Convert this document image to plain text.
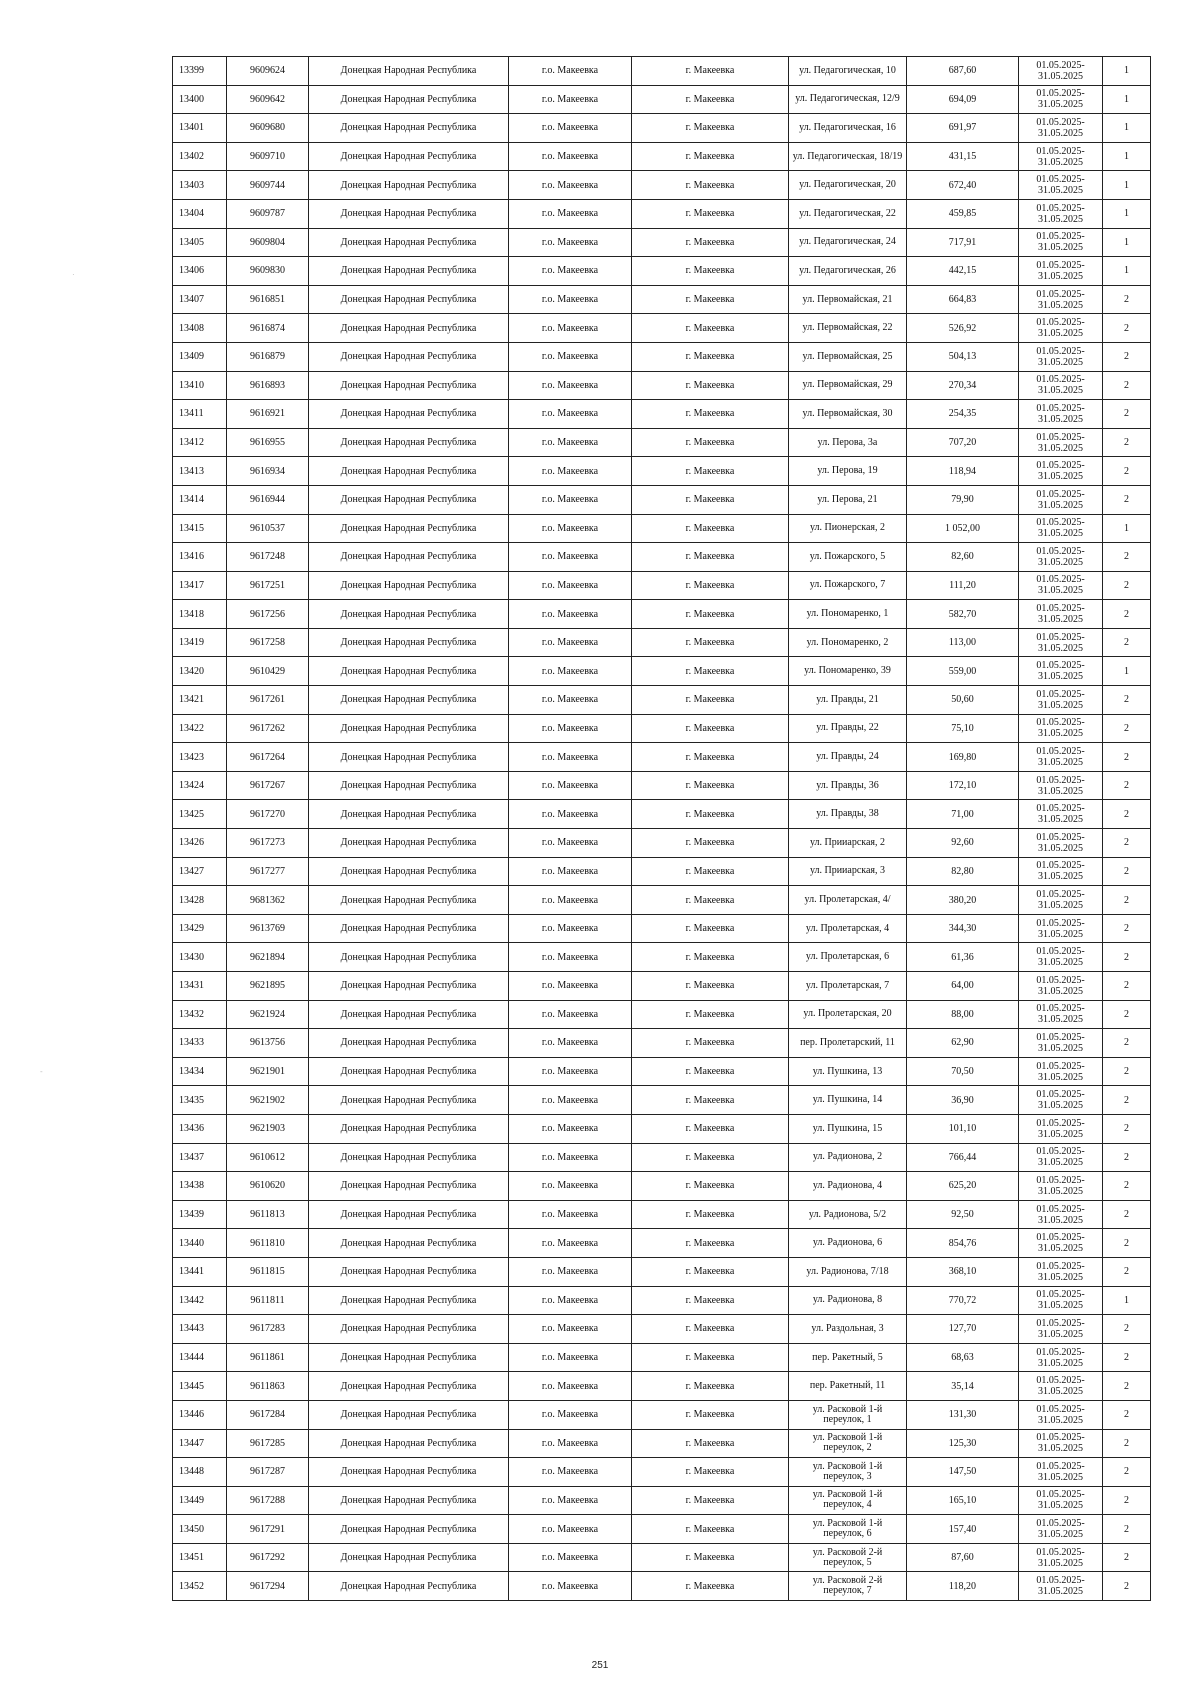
13399	9609624	Донецкая Народная Республика	г.о. Макеевка	г. Макеевка	ул. Педагогическая, 10	687,60	01.05.2025-31.05.2025	1
13400	9609642	Донецкая Народная Республика	г.о. Макеевка	г. Макеевка	ул. Педагогическая, 12/9	694,09	01.05.2025-31.05.2025	1
13401	9609680	Донецкая Народная Республика	г.о. Макеевка	г. Макеевка	ул. Педагогическая, 16	691,97	01.05.2025-31.05.2025	1
13402	9609710	Донецкая Народная Республика	г.о. Макеевка	г. Макеевка	ул. Педагогическая, 18/19	431,15	01.05.2025-31.05.2025	1
13403	9609744	Донецкая Народная Республика	г.о. Макеевка	г. Макеевка	ул. Педагогическая, 20	672,40	01.05.2025-31.05.2025	1
13404	9609787	Донецкая Народная Республика	г.о. Макеевка	г. Макеевка	ул. Педагогическая, 22	459,85	01.05.2025-31.05.2025	1
13405	9609804	Донецкая Народная Республика	г.о. Макеевка	г. Макеевка	ул. Педагогическая, 24	717,91	01.05.2025-31.05.2025	1
13406	9609830	Донецкая Народная Республика	г.о. Макеевка	г. Макеевка	ул. Педагогическая, 26	442,15	01.05.2025-31.05.2025	1
13407	9616851	Донецкая Народная Республика	г.о. Макеевка	г. Макеевка	ул. Первомайская, 21	664,83	01.05.2025-31.05.2025	2
13408	9616874	Донецкая Народная Республика	г.о. Макеевка	г. Макеевка	ул. Первомайская, 22	526,92	01.05.2025-31.05.2025	2
13409	9616879	Донецкая Народная Республика	г.о. Макеевка	г. Макеевка	ул. Первомайская, 25	504,13	01.05.2025-31.05.2025	2
13410	9616893	Донецкая Народная Республика	г.о. Макеевка	г. Макеевка	ул. Первомайская, 29	270,34	01.05.2025-31.05.2025	2
13411	9616921	Донецкая Народная Республика	г.о. Макеевка	г. Макеевка	ул. Первомайская, 30	254,35	01.05.2025-31.05.2025	2
13412	9616955	Донецкая Народная Республика	г.о. Макеевка	г. Макеевка	ул. Перова, 3а	707,20	01.05.2025-31.05.2025	2
13413	9616934	Донецкая Народная Республика	г.о. Макеевка	г. Макеевка	ул. Перова, 19	118,94	01.05.2025-31.05.2025	2
13414	9616944	Донецкая Народная Республика	г.о. Макеевка	г. Макеевка	ул. Перова, 21	79,90	01.05.2025-31.05.2025	2
13415	9610537	Донецкая Народная Республика	г.о. Макеевка	г. Макеевка	ул. Пионерская, 2	1 052,00	01.05.2025-31.05.2025	1
13416	9617248	Донецкая Народная Республика	г.о. Макеевка	г. Макеевка	ул. Пожарского, 5	82,60	01.05.2025-31.05.2025	2
13417	9617251	Донецкая Народная Республика	г.о. Макеевка	г. Макеевка	ул. Пожарского, 7	111,20	01.05.2025-31.05.2025	2
13418	9617256	Донецкая Народная Республика	г.о. Макеевка	г. Макеевка	ул. Пономаренко, 1	582,70	01.05.2025-31.05.2025	2
13419	9617258	Донецкая Народная Республика	г.о. Макеевка	г. Макеевка	ул. Пономаренко, 2	113,00	01.05.2025-31.05.2025	2
13420	9610429	Донецкая Народная Республика	г.о. Макеевка	г. Макеевка	ул. Пономаренко, 39	559,00	01.05.2025-31.05.2025	1
13421	9617261	Донецкая Народная Республика	г.о. Макеевка	г. Макеевка	ул. Правды, 21	50,60	01.05.2025-31.05.2025	2
13422	9617262	Донецкая Народная Республика	г.о. Макеевка	г. Макеевка	ул. Правды, 22	75,10	01.05.2025-31.05.2025	2
13423	9617264	Донецкая Народная Республика	г.о. Макеевка	г. Макеевка	ул. Правды, 24	169,80	01.05.2025-31.05.2025	2
13424	9617267	Донецкая Народная Республика	г.о. Макеевка	г. Макеевка	ул. Правды, 36	172,10	01.05.2025-31.05.2025	2
13425	9617270	Донецкая Народная Республика	г.о. Макеевка	г. Макеевка	ул. Правды, 38	71,00	01.05.2025-31.05.2025	2
13426	9617273	Донецкая Народная Республика	г.о. Макеевка	г. Макеевка	ул. Прииарская, 2	92,60	01.05.2025-31.05.2025	2
13427	9617277	Донецкая Народная Республика	г.о. Макеевка	г. Макеевка	ул. Прииарская, 3	82,80	01.05.2025-31.05.2025	2
13428	9681362	Донецкая Народная Республика	г.о. Макеевка	г. Макеевка	ул. Пролетарская, 4/	380,20	01.05.2025-31.05.2025	2
13429	9613769	Донецкая Народная Республика	г.о. Макеевка	г. Макеевка	ул. Пролетарская, 4	344,30	01.05.2025-31.05.2025	2
13430	9621894	Донецкая Народная Республика	г.о. Макеевка	г. Макеевка	ул. Пролетарская, 6	61,36	01.05.2025-31.05.2025	2
13431	9621895	Донецкая Народная Республика	г.о. Макеевка	г. Макеевка	ул. Пролетарская, 7	64,00	01.05.2025-31.05.2025	2
13432	9621924	Донецкая Народная Республика	г.о. Макеевка	г. Макеевка	ул. Пролетарская, 20	88,00	01.05.2025-31.05.2025	2
13433	9613756	Донецкая Народная Республика	г.о. Макеевка	г. Макеевка	пер. Пролетарский, 11	62,90	01.05.2025-31.05.2025	2
13434	9621901	Донецкая Народная Республика	г.о. Макеевка	г. Макеевка	ул. Пушкина, 13	70,50	01.05.2025-31.05.2025	2
13435	9621902	Донецкая Народная Республика	г.о. Макеевка	г. Макеевка	ул. Пушкина, 14	36,90	01.05.2025-31.05.2025	2
13436	9621903	Донецкая Народная Республика	г.о. Макеевка	г. Макеевка	ул. Пушкина, 15	101,10	01.05.2025-31.05.2025	2
13437	9610612	Донецкая Народная Республика	г.о. Макеевка	г. Макеевка	ул. Радионова, 2	766,44	01.05.2025-31.05.2025	2
13438	9610620	Донецкая Народная Республика	г.о. Макеевка	г. Макеевка	ул. Радионова, 4	625,20	01.05.2025-31.05.2025	2
13439	9611813	Донецкая Народная Республика	г.о. Макеевка	г. Макеевка	ул. Радионова, 5/2	92,50	01.05.2025-31.05.2025	2
13440	9611810	Донецкая Народная Республика	г.о. Макеевка	г. Макеевка	ул. Радионова, 6	854,76	01.05.2025-31.05.2025	2
13441	9611815	Донецкая Народная Республика	г.о. Макеевка	г. Макеевка	ул. Радионова, 7/18	368,10	01.05.2025-31.05.2025	2
13442	9611811	Донецкая Народная Республика	г.о. Макеевка	г. Макеевка	ул. Радионова, 8	770,72	01.05.2025-31.05.2025	1
13443	9617283	Донецкая Народная Республика	г.о. Макеевка	г. Макеевка	ул. Раздольная, 3	127,70	01.05.2025-31.05.2025	2
13444	9611861	Донецкая Народная Республика	г.о. Макеевка	г. Макеевка	пер. Ракетный, 5	68,63	01.05.2025-31.05.2025	2
13445	9611863	Донецкая Народная Республика	г.о. Макеевка	г. Макеевка	пер. Ракетный, 11	35,14	01.05.2025-31.05.2025	2
13446	9617284	Донецкая Народная Республика	г.о. Макеевка	г. Макеевка	ул. Расковой 1-й переулок, 1	131,30	01.05.2025-31.05.2025	2
13447	9617285	Донецкая Народная Республика	г.о. Макеевка	г. Макеевка	ул. Расковой 1-й переулок, 2	125,30	01.05.2025-31.05.2025	2
13448	9617287	Донецкая Народная Республика	г.о. Макеевка	г. Макеевка	ул. Расковой 1-й переулок, 3	147,50	01.05.2025-31.05.2025	2
13449	9617288	Донецкая Народная Республика	г.о. Макеевка	г. Макеевка	ул. Расковой 1-й переулок, 4	165,10	01.05.2025-31.05.2025	2
13450	9617291	Донецкая Народная Республика	г.о. Макеевка	г. Макеевка	ул. Расковой 1-й переулок, 6	157,40	01.05.2025-31.05.2025	2
13451	9617292	Донецкая Народная Республика	г.о. Макеевка	г. Макеевка	ул. Расковой 2-й переулок, 5	87,60	01.05.2025-31.05.2025	2
13452	9617294	Донецкая Народная Республика	г.о. Макеевка	г. Макеевка	ул. Расковой 2-й переулок, 7	118,20	01.05.2025-31.05.2025	2
251
·
-
